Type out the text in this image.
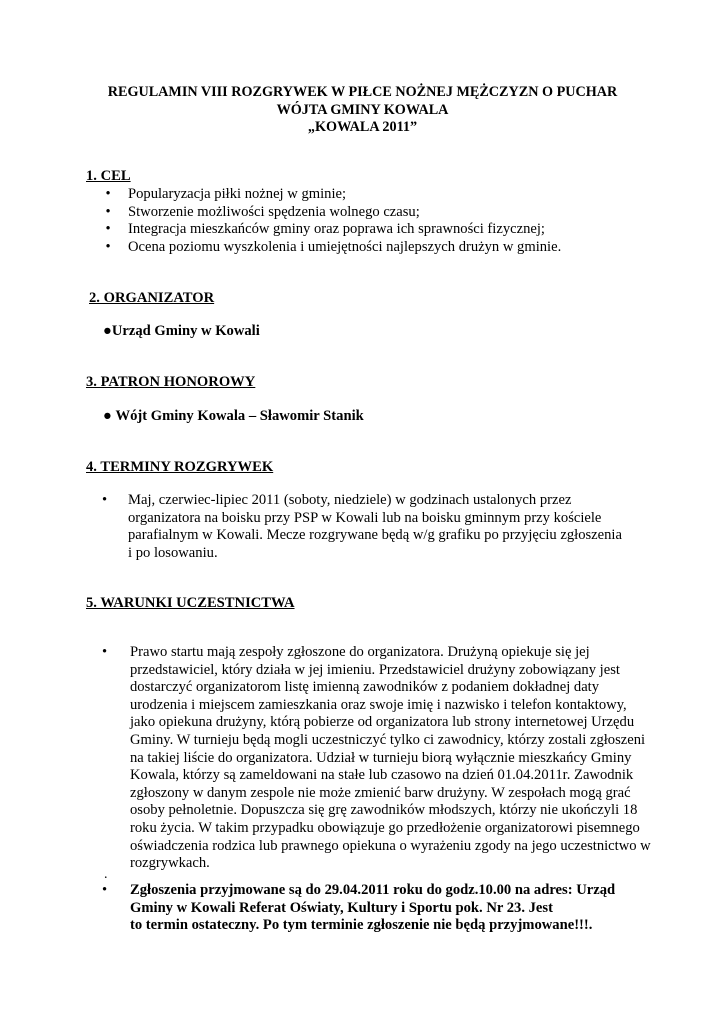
REGULAMIN VIII ROZGRYWEK W PIŁCE NOŻNEJ MĘŻCZYZN O PUCHAR
WÓJTA GMINY KOWALA
„KOWALA 2011”
1. CEL
• Popularyzacja piłki nożnej w gminie;
• Stworzenie możliwości spędzenia wolnego czasu;
• Integracja mieszkańców gminy oraz poprawa ich sprawności fizycznej;
• Ocena poziomu wyszkolenia i umiejętności najlepszych drużyn w gminie.
2. ORGANIZATOR
●Urząd Gminy w Kowali
3. PATRON HONOROWY
● Wójt Gminy Kowala – Sławomir Stanik
4. TERMINY ROZGRYWEK
• Maj, czerwiec-lipiec 2011 (soboty, niedziele) w godzinach ustalonych przez
organizatora na boisku przy PSP w Kowali lub na boisku gminnym przy kościele
parafialnym w Kowali. Mecze rozgrywane będą w/g grafiku po przyjęciu zgłoszenia
i po losowaniu.
5. WARUNKI UCZESTNICTWA
• Prawo startu mają zespoły zgłoszone do organizatora. Drużyną opiekuje się jej
przedstawiciel, który działa w jej imieniu. Przedstawiciel drużyny zobowiązany jest
dostarczyć organizatorom listę imienną zawodników z podaniem dokładnej daty
urodzenia i miejscem zamieszkania oraz swoje imię i nazwisko i telefon kontaktowy,
jako opiekuna drużyny, którą pobierze od organizatora lub strony internetowej Urzędu
Gminy. W turnieju będą mogli uczestniczyć tylko ci zawodnicy, którzy zostali zgłoszeni
na takiej liście do organizatora. Udział w turnieju biorą wyłącznie mieszkańcy Gminy
Kowala, którzy są zameldowani na stałe lub czasowo na dzień 01.04.2011r. Zawodnik
zgłoszony w danym zespole nie może zmienić barw drużyny. W zespołach mogą grać
osoby pełnoletnie. Dopuszcza się grę zawodników młodszych, którzy nie ukończyli 18
roku życia. W takim przypadku obowiązuje go przedłożenie organizatorowi pisemnego
oświadczenia rodzica lub prawnego opiekuna o wyrażeniu zgody na jego uczestnictwo w
rozgrywkach.
.
• Zgłoszenia przyjmowane są do 29.04.2011 roku do godz.10.00 na adres: Urząd
Gminy w Kowali Referat Oświaty, Kultury i Sportu pok. Nr 23. Jest
to termin ostateczny. Po tym terminie zgłoszenie nie będą przyjmowane!!!.
